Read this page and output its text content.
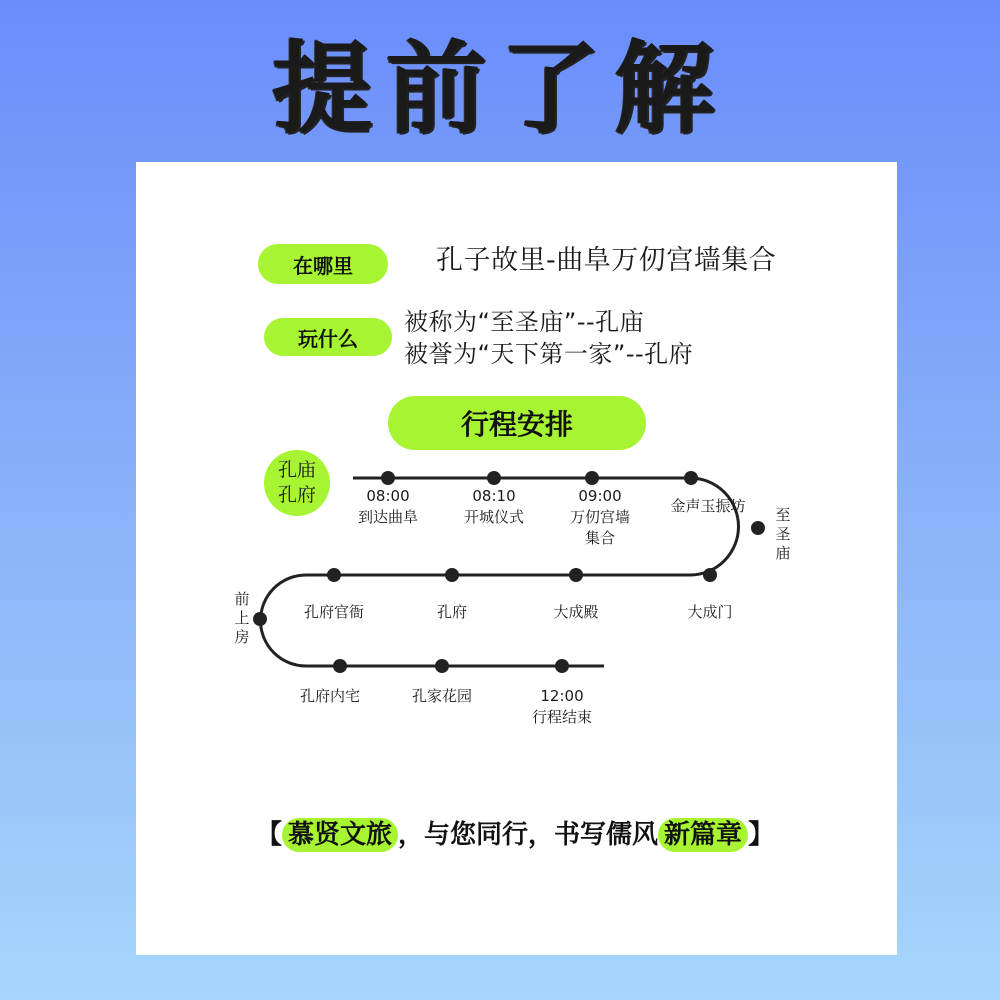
提前了解
在哪里	孔子故里-曲阜万仞宫墙集合
玩什么
被称为“至圣庙”--孔庙
被誉为“天下第一家”--孔府
行程安排
孔庙
孔府	08:00
到达曲阜
08:10
开城仪式
09:00
万仞宫墙
集合
金声玉振坊 至圣庙
大成门
大成殿
孔府
孔府官衙
前上房
孔府内宅	孔家花园	12:00
行程结束
【 慕贤文旅 ，与您同行，书写儒风 新篇章 】
